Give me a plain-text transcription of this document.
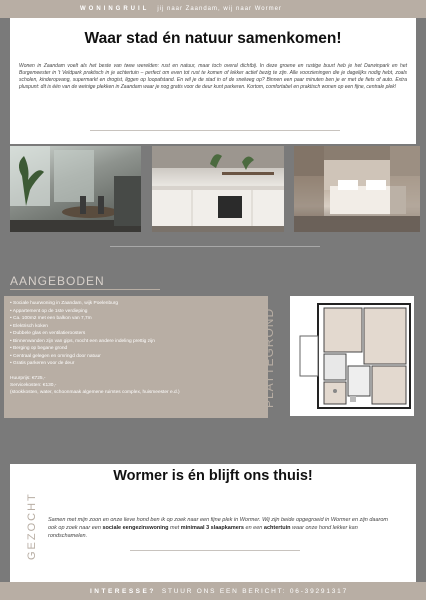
WONINGRUIL jij naar Zaandam, wij naar Wormer
Waar stad én natuur samenkomen!

Wonen in Zaandam voelt als het beste van twee werelden: rust en natuur, maar toch overal dichtbij. In deze groene en rustige buurt heb je het Darwinpark en het Burgemeester in 't Veldpark praktisch in je achtertuin – perfect om even tot rust te komen of lekker actief bezig te zijn. Alle voorzieningen die je dagelijks nodig hebt, zoals scholen, kinderopvang, supermarkt en drogist, liggen op loopafstand. En wil je de stad in of de snelweg op? Binnen een paar minuten ben je er met de fiets of auto. Extra pluspunt: dit is één van de weinige plekken in Zaandam waar je nog gratis voor de deur kunt parkeren. Kortom, comfortabel en praktisch wonen op een fijne, centrale plek!

AANGEBODEN
• Sociale huurwoning in Zaandam, wijk Poelenburg
• Appartement op de 1ste verdieping
• Ca. 100m2 met een balkon van 7,7m
• Elektrisch koken
• Dubbele glas en ventilatieroosters
• Binnenwanden zijn van gips, mocht een andere indeling prettig zijn
• Berging op begane grond
• Centraal gelegen en omringd door natuur
• Gratis parkeren voor de deur

Huurprijs: €725,-

Servicekosten: €130,-

(stookkosten, water, schoonmaak algemene ruimtes complex, huismeester e.d.)	PLATTEGROND
Wormer is én blijft ons thuis!
GEZOCHT Samen met mijn zoon en onze lieve hond ben ik op zoek naar een fijne plek in Wormer. Wij zijn beide opgegroeid in Wormer en zijn daarom ook op zoek naar een sociale eengezinswoning met minimaal 3 slaapkamers en een achtertuin waar onze hond lekker kan rondschamelen.

INTERESSE? STUUR ONS EEN BERICHT: 06-39291317
